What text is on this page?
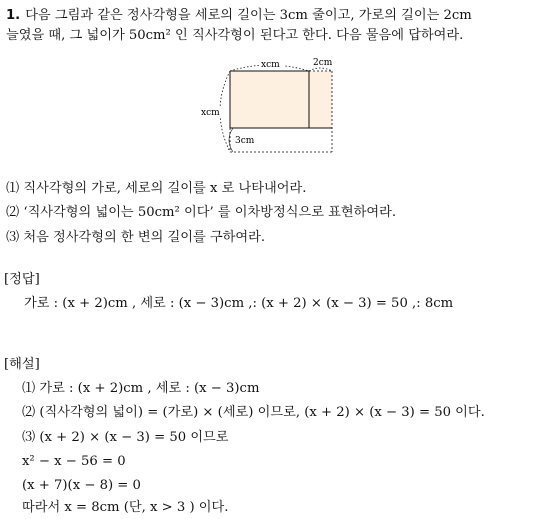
1. 다음 그림과 같은 정사각형을 세로의 길이는 3cm 줄이고, 가로의 길이는 2cm
늘였을 때, 그 넓이가 50cm² 인 직사각형이 된다고 한다. 다음 물음에 답하여라.
xcm	2cm
xcm
3cm
⑴ 직사각형의 가로, 세로의 길이를 x 로 나타내어라.
⑵ ‘직사각형의 넓이는 50cm² 이다’ 를 이차방정식으로 표현하여라.
⑶ 처음 정사각형의 한 변의 길이를 구하여라.
[정답]
가로 : (x + 2)cm , 세로 : (x − 3)cm ,: (x + 2) × (x − 3) = 50 ,: 8cm
[해설]
⑴ 가로 : (x + 2)cm , 세로 : (x − 3)cm
⑵ (직사각형의 넓이) = (가로) × (세로) 이므로, (x + 2) × (x − 3) = 50 이다.
⑶ (x + 2) × (x − 3) = 50 이므로
x² − x − 56 = 0
(x + 7)(x − 8) = 0
따라서 x = 8cm (단, x > 3 ) 이다.
